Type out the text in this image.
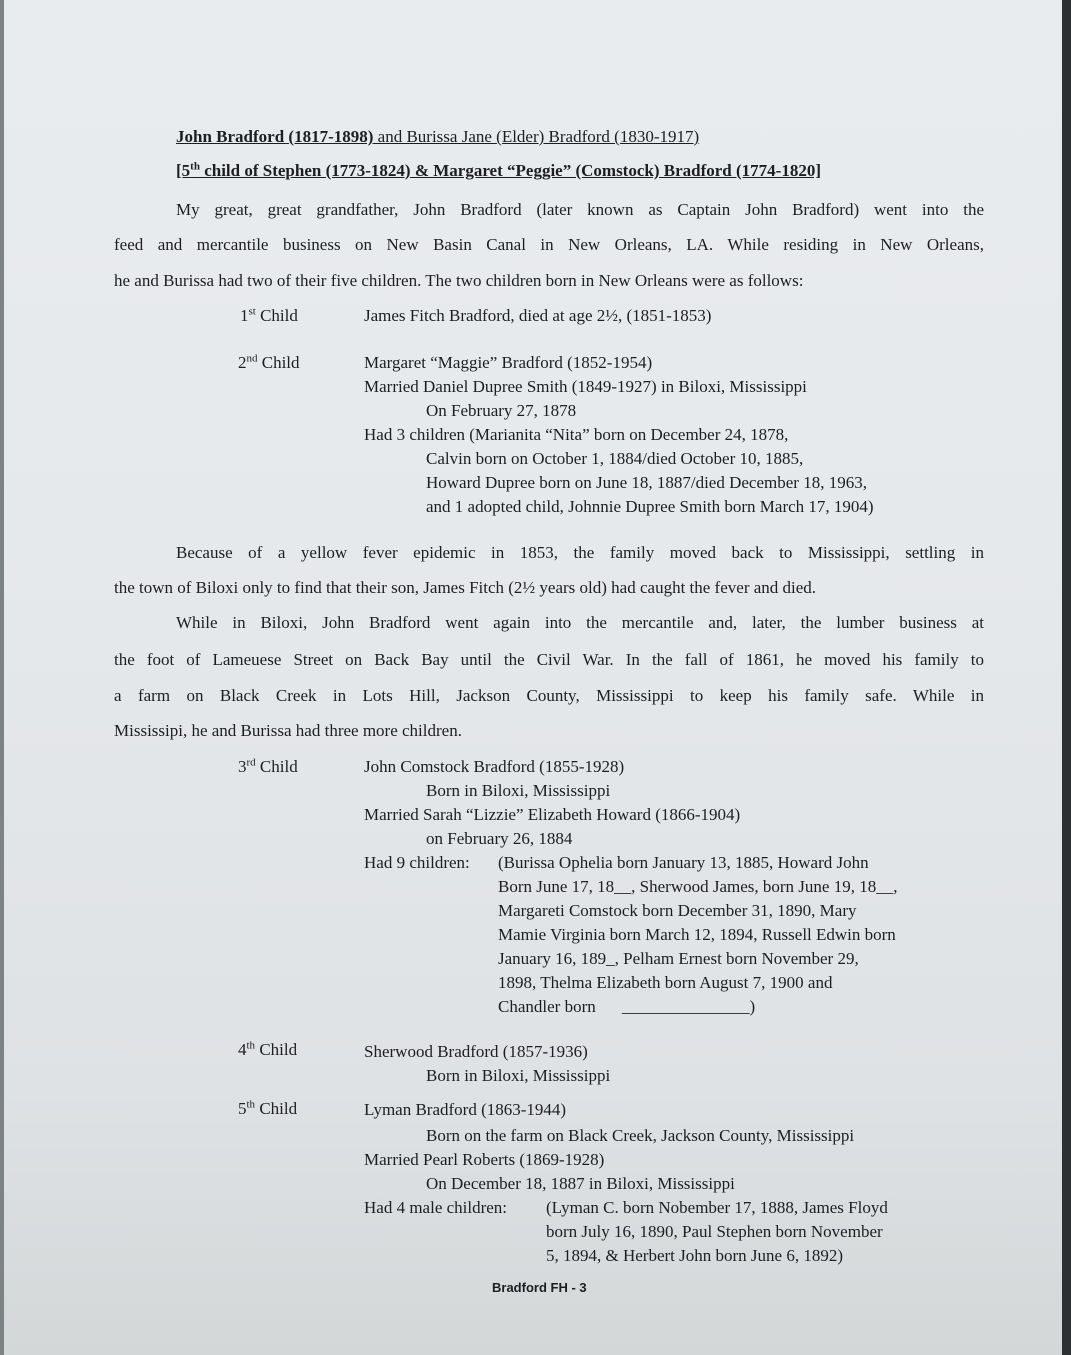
John Bradford (1817-1898) and Burissa Jane (Elder) Bradford (1830-1917)
[5th child of Stephen (1773-1824) & Margaret “Peggie” (Comstock) Bradford (1774-1820]
My great, great grandfather, John Bradford (later known as Captain John Bradford) went into the
feed and mercantile business on New Basin Canal in New Orleans, LA. While residing in New Orleans,
he and Burissa had two of their five children. The two children born in New Orleans were as follows:
1st Child	James Fitch Bradford, died at age 2½, (1851-1853)
2nd Child	Margaret “Maggie” Bradford (1852-1954)
Married Daniel Dupree Smith (1849-1927) in Biloxi, Mississippi
On February 27, 1878
Had 3 children (Marianita “Nita” born on December 24, 1878,
Calvin born on October 1, 1884/died October 10, 1885,
Howard Dupree born on June 18, 1887/died December 18, 1963,
and 1 adopted child, Johnnie Dupree Smith born March 17, 1904)
Because of a yellow fever epidemic in 1853, the family moved back to Mississippi, settling in
the town of Biloxi only to find that their son, James Fitch (2½ years old) had caught the fever and died.
While in Biloxi, John Bradford went again into the mercantile and, later, the lumber business at
the foot of Lameuese Street on Back Bay until the Civil War. In the fall of 1861, he moved his family to
a farm on Black Creek in Lots Hill, Jackson County, Mississippi to keep his family safe. While in
Mississipi, he and Burissa had three more children.
3rd Child	John Comstock Bradford (1855-1928)
Born in Biloxi, Mississippi
Married Sarah “Lizzie” Elizabeth Howard (1866-1904)
on February 26, 1884
Had 9 children: (Burissa Ophelia born January 13, 1885, Howard John
Born June 17, 18__, Sherwood James, born June 19, 18__,
Margareti Comstock born December 31, 1890, Mary
Mamie Virginia born March 12, 1894, Russell Edwin born
January 16, 189_, Pelham Ernest born November 29,
1898, Thelma Elizabeth born August 7, 1900 and
Chandler born _______________)
4th Child	Sherwood Bradford (1857-1936)
Born in Biloxi, Mississippi
5th Child	Lyman Bradford (1863-1944)
Born on the farm on Black Creek, Jackson County, Mississippi
Married Pearl Roberts (1869-1928)
On December 18, 1887 in Biloxi, Mississippi
Had 4 male children: (Lyman C. born Nobember 17, 1888, James Floyd
born July 16, 1890, Paul Stephen born November
5, 1894, & Herbert John born June 6, 1892)
Bradford FH - 3
